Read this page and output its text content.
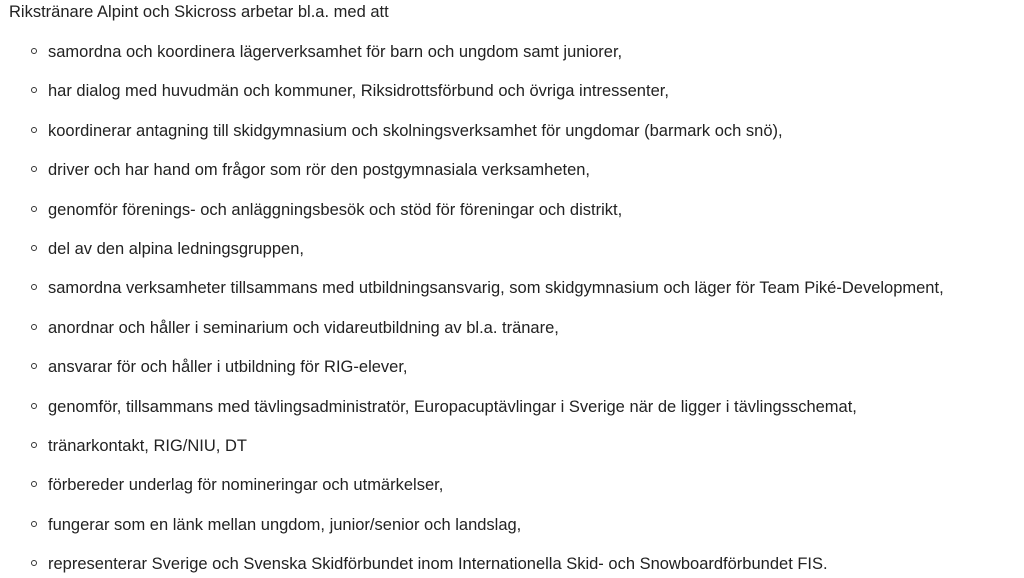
Rikstränare Alpint och Skicross arbetar bl.a. med att

samordna och koordinera lägerverksamhet för barn och ungdom samt juniorer,
har dialog med huvudmän och kommuner, Riksidrottsförbund och övriga intressenter,
koordinerar antagning till skidgymnasium och skolningsverksamhet för ungdomar (barmark och snö),
driver och har hand om frågor som rör den postgymnasiala verksamheten,
genomför förenings- och anläggningsbesök och stöd för föreningar och distrikt,
del av den alpina ledningsgruppen,
samordna verksamheter tillsammans med utbildningsansvarig, som skidgymnasium och läger för Team Piké-Development,
anordnar och håller i seminarium och vidareutbildning av bl.a. tränare,
ansvarar för och håller i utbildning för RIG-elever,
genomför, tillsammans med tävlingsadministratör, Europacuptävlingar i Sverige när de ligger i tävlingsschemat,
tränarkontakt, RIG/NIU, DT
förbereder underlag för nomineringar och utmärkelser,
fungerar som en länk mellan ungdom, junior/senior och landslag,
representerar Sverige och Svenska Skidförbundet inom Internationella Skid- och Snowboardförbundet FIS.
